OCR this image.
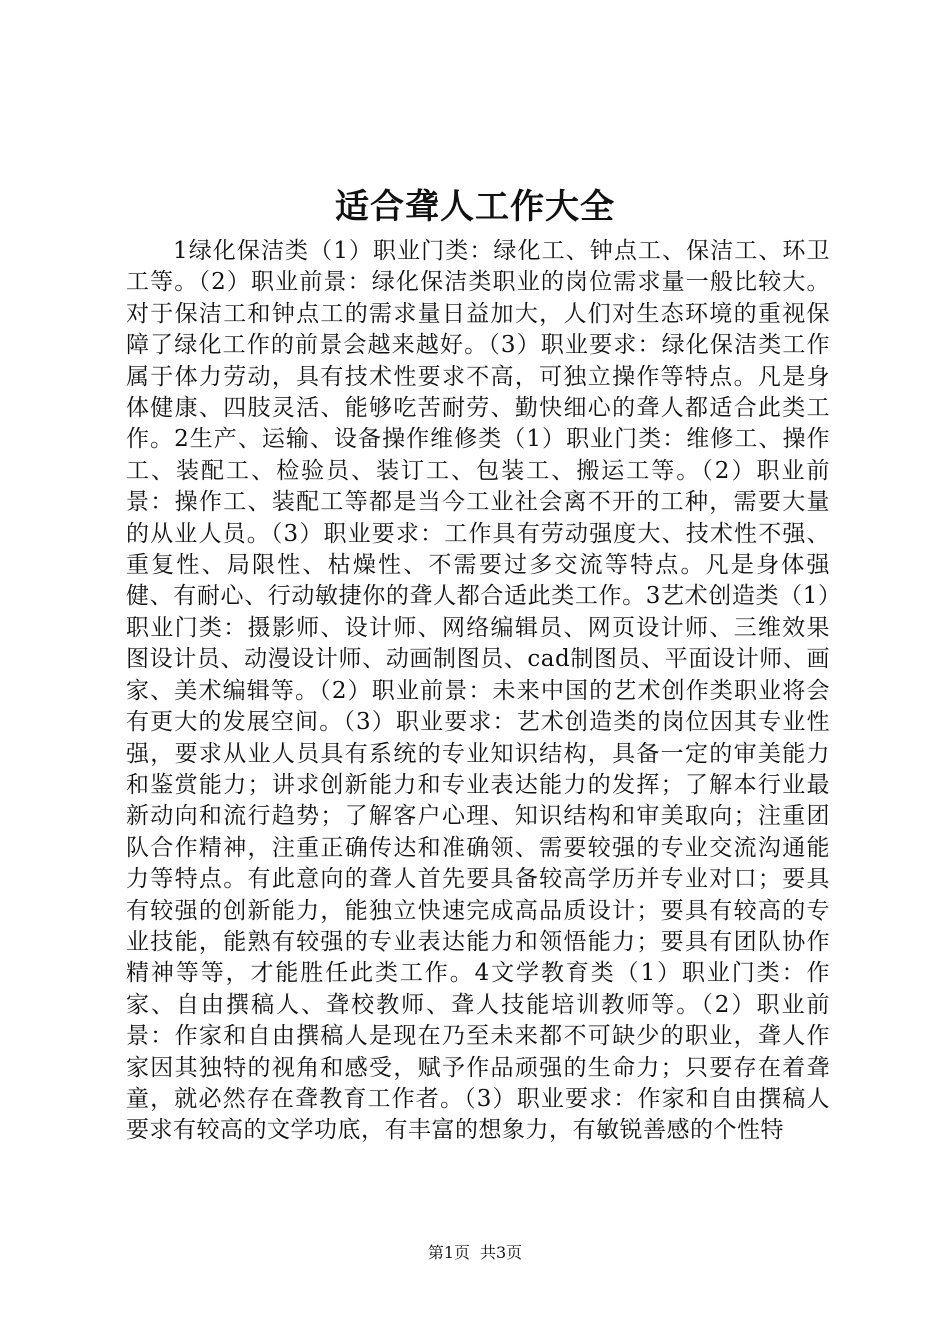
适合聋人工作大全

1绿化保洁类（1）职业门类：绿化工、钟点工、保洁工、环卫工等。（2）职业前景：绿化保洁类职业的岗位需求量一般比较大。对于保洁工和钟点工的需求量日益加大，人们对生态环境的重视保障了绿化工作的前景会越来越好。（3）职业要求：绿化保洁类工作属于体力劳动，具有技术性要求不高，可独立操作等特点。凡是身体健康、四肢灵活、能够吃苦耐劳、勤快细心的聋人都适合此类工作。2生产、运输、设备操作维修类（1）职业门类：维修工、操作工、装配工、检验员、装订工、包装工、搬运工等。（2）职业前景：操作工、装配工等都是当今工业社会离不开的工种，需要大量的从业人员。（3）职业要求：工作具有劳动强度大、技术性不强、重复性、局限性、枯燥性、不需要过多交流等特点。凡是身体强健、有耐心、行动敏捷你的聋人都合适此类工作。3艺术创造类（1）职业门类：摄影师、设计师、网络编辑员、网页设计师、三维效果图设计员、动漫设计师、动画制图员、cad制图员、平面设计师、画家、美术编辑等。（2）职业前景：未来中国的艺术创作类职业将会有更大的发展空间。（3）职业要求：艺术创造类的岗位因其专业性强，要求从业人员具有系统的专业知识结构，具备一定的审美能力和鉴赏能力；讲求创新能力和专业表达能力的发挥；了解本行业最新动向和流行趋势；了解客户心理、知识结构和审美取向；注重团队合作精神，注重正确传达和准确领、需要较强的专业交流沟通能力等特点。有此意向的聋人首先要具备较高学历并专业对口；要具有较强的创新能力，能独立快速完成高品质设计；要具有较高的专业技能，能熟有较强的专业表达能力和领悟能力；要具有团队协作精神等等，才能胜任此类工作。4文学教育类（1）职业门类：作家、自由撰稿人、聋校教师、聋人技能培训教师等。（2）职业前景：作家和自由撰稿人是现在乃至未来都不可缺少的职业，聋人作家因其独特的视角和感受，赋予作品顽强的生命力；只要存在着聋童，就必然存在聋教育工作者。（3）职业要求：作家和自由撰稿人要求有较高的文学功底，有丰富的想象力，有敏锐善感的个性特

第1页 共3页
